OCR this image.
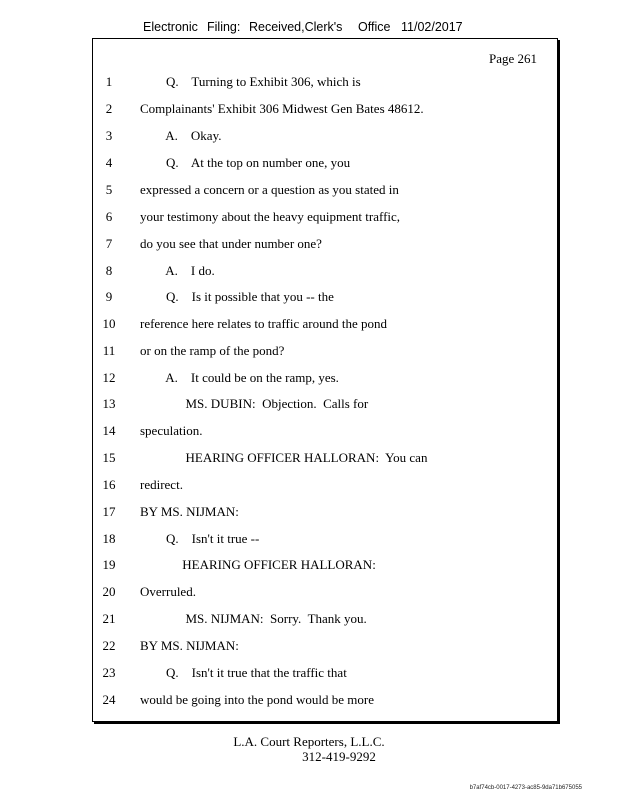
Electronic Filing: Received,Clerk's Office 11/02/2017
Page 261
1	Q.    Turning to Exhibit 306, which is
2	Complainants' Exhibit 306 Midwest Gen Bates 48612.
3	A.    Okay.
4	Q.    At the top on number one, you
5	expressed a concern or a question as you stated in
6	your testimony about the heavy equipment traffic,
7	do you see that under number one?
8	A.    I do.
9	Q.    Is it possible that you -- the
10	reference here relates to traffic around the pond
11	or on the ramp of the pond?
12	A.    It could be on the ramp, yes.
13	MS. DUBIN:  Objection.  Calls for
14	speculation.
15	HEARING OFFICER HALLORAN:  You can
16	redirect.
17	BY MS. NIJMAN:
18	Q.    Isn't it true --
19	HEARING OFFICER HALLORAN:
20	Overruled.
21	MS. NIJMAN:  Sorry.  Thank you.
22	BY MS. NIJMAN:
23	Q.    Isn't it true that the traffic that
24	would be going into the pond would be more
L.A. Court Reporters, L.L.C.
312-419-9292
b7af74cb-0017-4273-ac85-9da71b675055
